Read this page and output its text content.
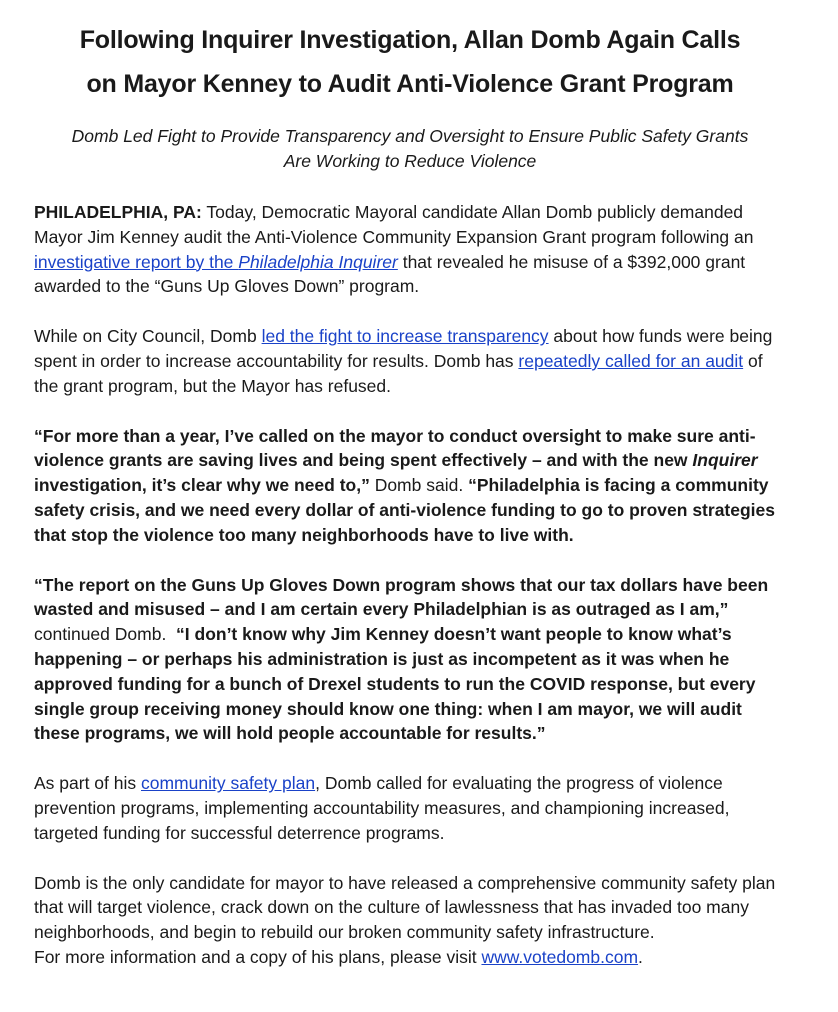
Following Inquirer Investigation, Allan Domb Again Calls
on Mayor Kenney to Audit Anti-Violence Grant Program
Domb Led Fight to Provide Transparency and Oversight to Ensure Public Safety Grants
Are Working to Reduce Violence

PHILADELPHIA, PA: Today, Democratic Mayoral candidate Allan Domb publicly demanded Mayor Jim Kenney audit the Anti-Violence Community Expansion Grant program following an investigative report by the Philadelphia Inquirer that revealed he misuse of a $392,000 grant awarded to the “Guns Up Gloves Down” program.

While on City Council, Domb led the fight to increase transparency about how funds were being spent in order to increase accountability for results. Domb has repeatedly called for an audit of the grant program, but the Mayor has refused.

“For more than a year, I’ve called on the mayor to conduct oversight to make sure anti-violence grants are saving lives and being spent effectively – and with the new Inquirer investigation, it’s clear why we need to,” Domb said. “Philadelphia is facing a community safety crisis, and we need every dollar of anti-violence funding to go to proven strategies that stop the violence too many neighborhoods have to live with.

“The report on the Guns Up Gloves Down program shows that our tax dollars have been wasted and misused – and I am certain every Philadelphian is as outraged as I am,”  continued Domb.  “I don’t know why Jim Kenney doesn’t want people to know what’s happening – or perhaps his administration is just as incompetent as it was when he approved funding for a bunch of Drexel students to run the COVID response, but every single group receiving money should know one thing: when I am mayor, we will audit these programs, we will hold people accountable for results.”

As part of his community safety plan, Domb called for evaluating the progress of violence prevention programs, implementing accountability measures, and championing increased, targeted funding for successful deterrence programs.

Domb is the only candidate for mayor to have released a comprehensive community safety plan that will target violence, crack down on the culture of lawlessness that has invaded too many neighborhoods, and begin to rebuild our broken community safety infrastructure.
For more information and a copy of his plans, please visit www.votedomb.com.
